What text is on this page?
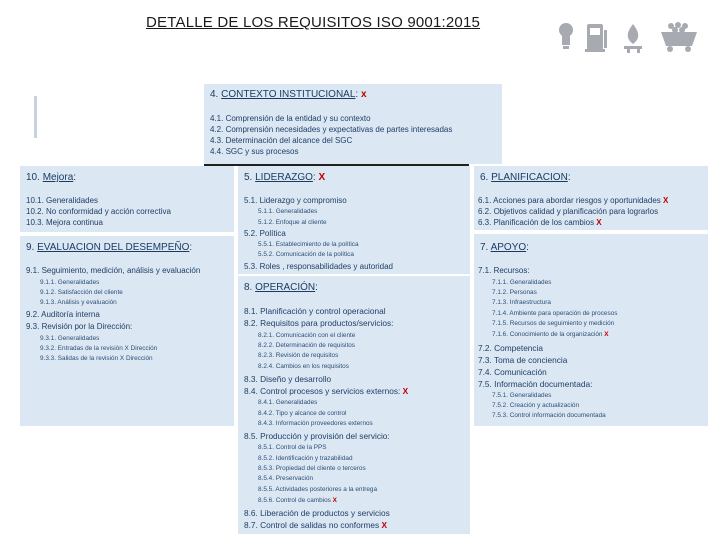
DETALLE DE LOS REQUISITOS ISO 9001:2015
4. CONTEXTO INSTITUCIONAL: x
4.1. Comprensión de la entidad y su contexto
4.2. Comprensión necesidades y expectativas de partes interesadas
4.3. Determinación del alcance del SGC
4.4. SGC y sus procesos
10. Mejora:
10.1. Generalidades
10.2. No conformidad y acción correctiva
10.3. Mejora continua
9. EVALUACION DEL DESEMPEÑO:
9.1. Seguimiento, medición, análisis y evaluación
9.1.1. Generalidades
9.1.2. Satisfacción del cliente
9.1.3. Análisis y evaluación
9.2. Auditoría interna
9.3. Revisión por la Dirección:
9.3.1. Generalidades
9.3.2. Entradas de la revisión X Dirección
9.3.3. Salidas de la revisión X Dirección
5. LIDERAZGO: X
5.1. Liderazgo y compromiso
5.1.1. Generalidades
5.1.2. Enfoque al cliente
5.2. Política
5.5.1. Establecimiento de la política
5.5.2. Comunicación de la política
5.3. Roles , responsabilidades y autoridad
8. OPERACIÓN:
8.1. Planificación y control operacional
8.2. Requisitos para productos/servicios:
8.2.1. Comunicación con el cliente
8.2.2. Determinación de requisitos
8.2.3. Revisión de requisitos
8.2.4. Cambios en los requisitos
8.3. Diseño y desarrollo
8.4. Control procesos y servicios externos: X
8.4.1. Generalidades
8.4.2. Tipo y alcance de control
8.4.3. Información proveedores externos
8.5. Producción y provisión del servicio:
8.5.1. Control de la PPS
8.5.2. Identificación y trazabilidad
8.5.3. Propiedad del cliente o terceros
8.5.4. Preservación
8.5.5. Actividades posteriores a la entrega
8.5.6. Control de cambios X
8.6. Liberación de productos y servicios
8.7. Control de salidas no conformes X
6. PLANIFICACION:
6.1. Acciones para abordar riesgos y oportunidades X
6.2. Objetivos calidad y planificación para lograrlos
6.3. Planificación de los cambios X
7. APOYO:
7.1. Recursos:
7.1.1. Generalidades
7.1.2. Personas
7.1.3. Infraestructura
7.1.4. Ambiente para operación de procesos
7.1.5. Recursos de seguimiento y medición
7.1.6. Conocimiento de la organización X
7.2. Competencia
7.3. Toma de conciencia
7.4. Comunicación
7.5. Información documentada:
7.5.1. Generalidades
7.5.2. Creación y actualización
7.5.3. Control información documentada
